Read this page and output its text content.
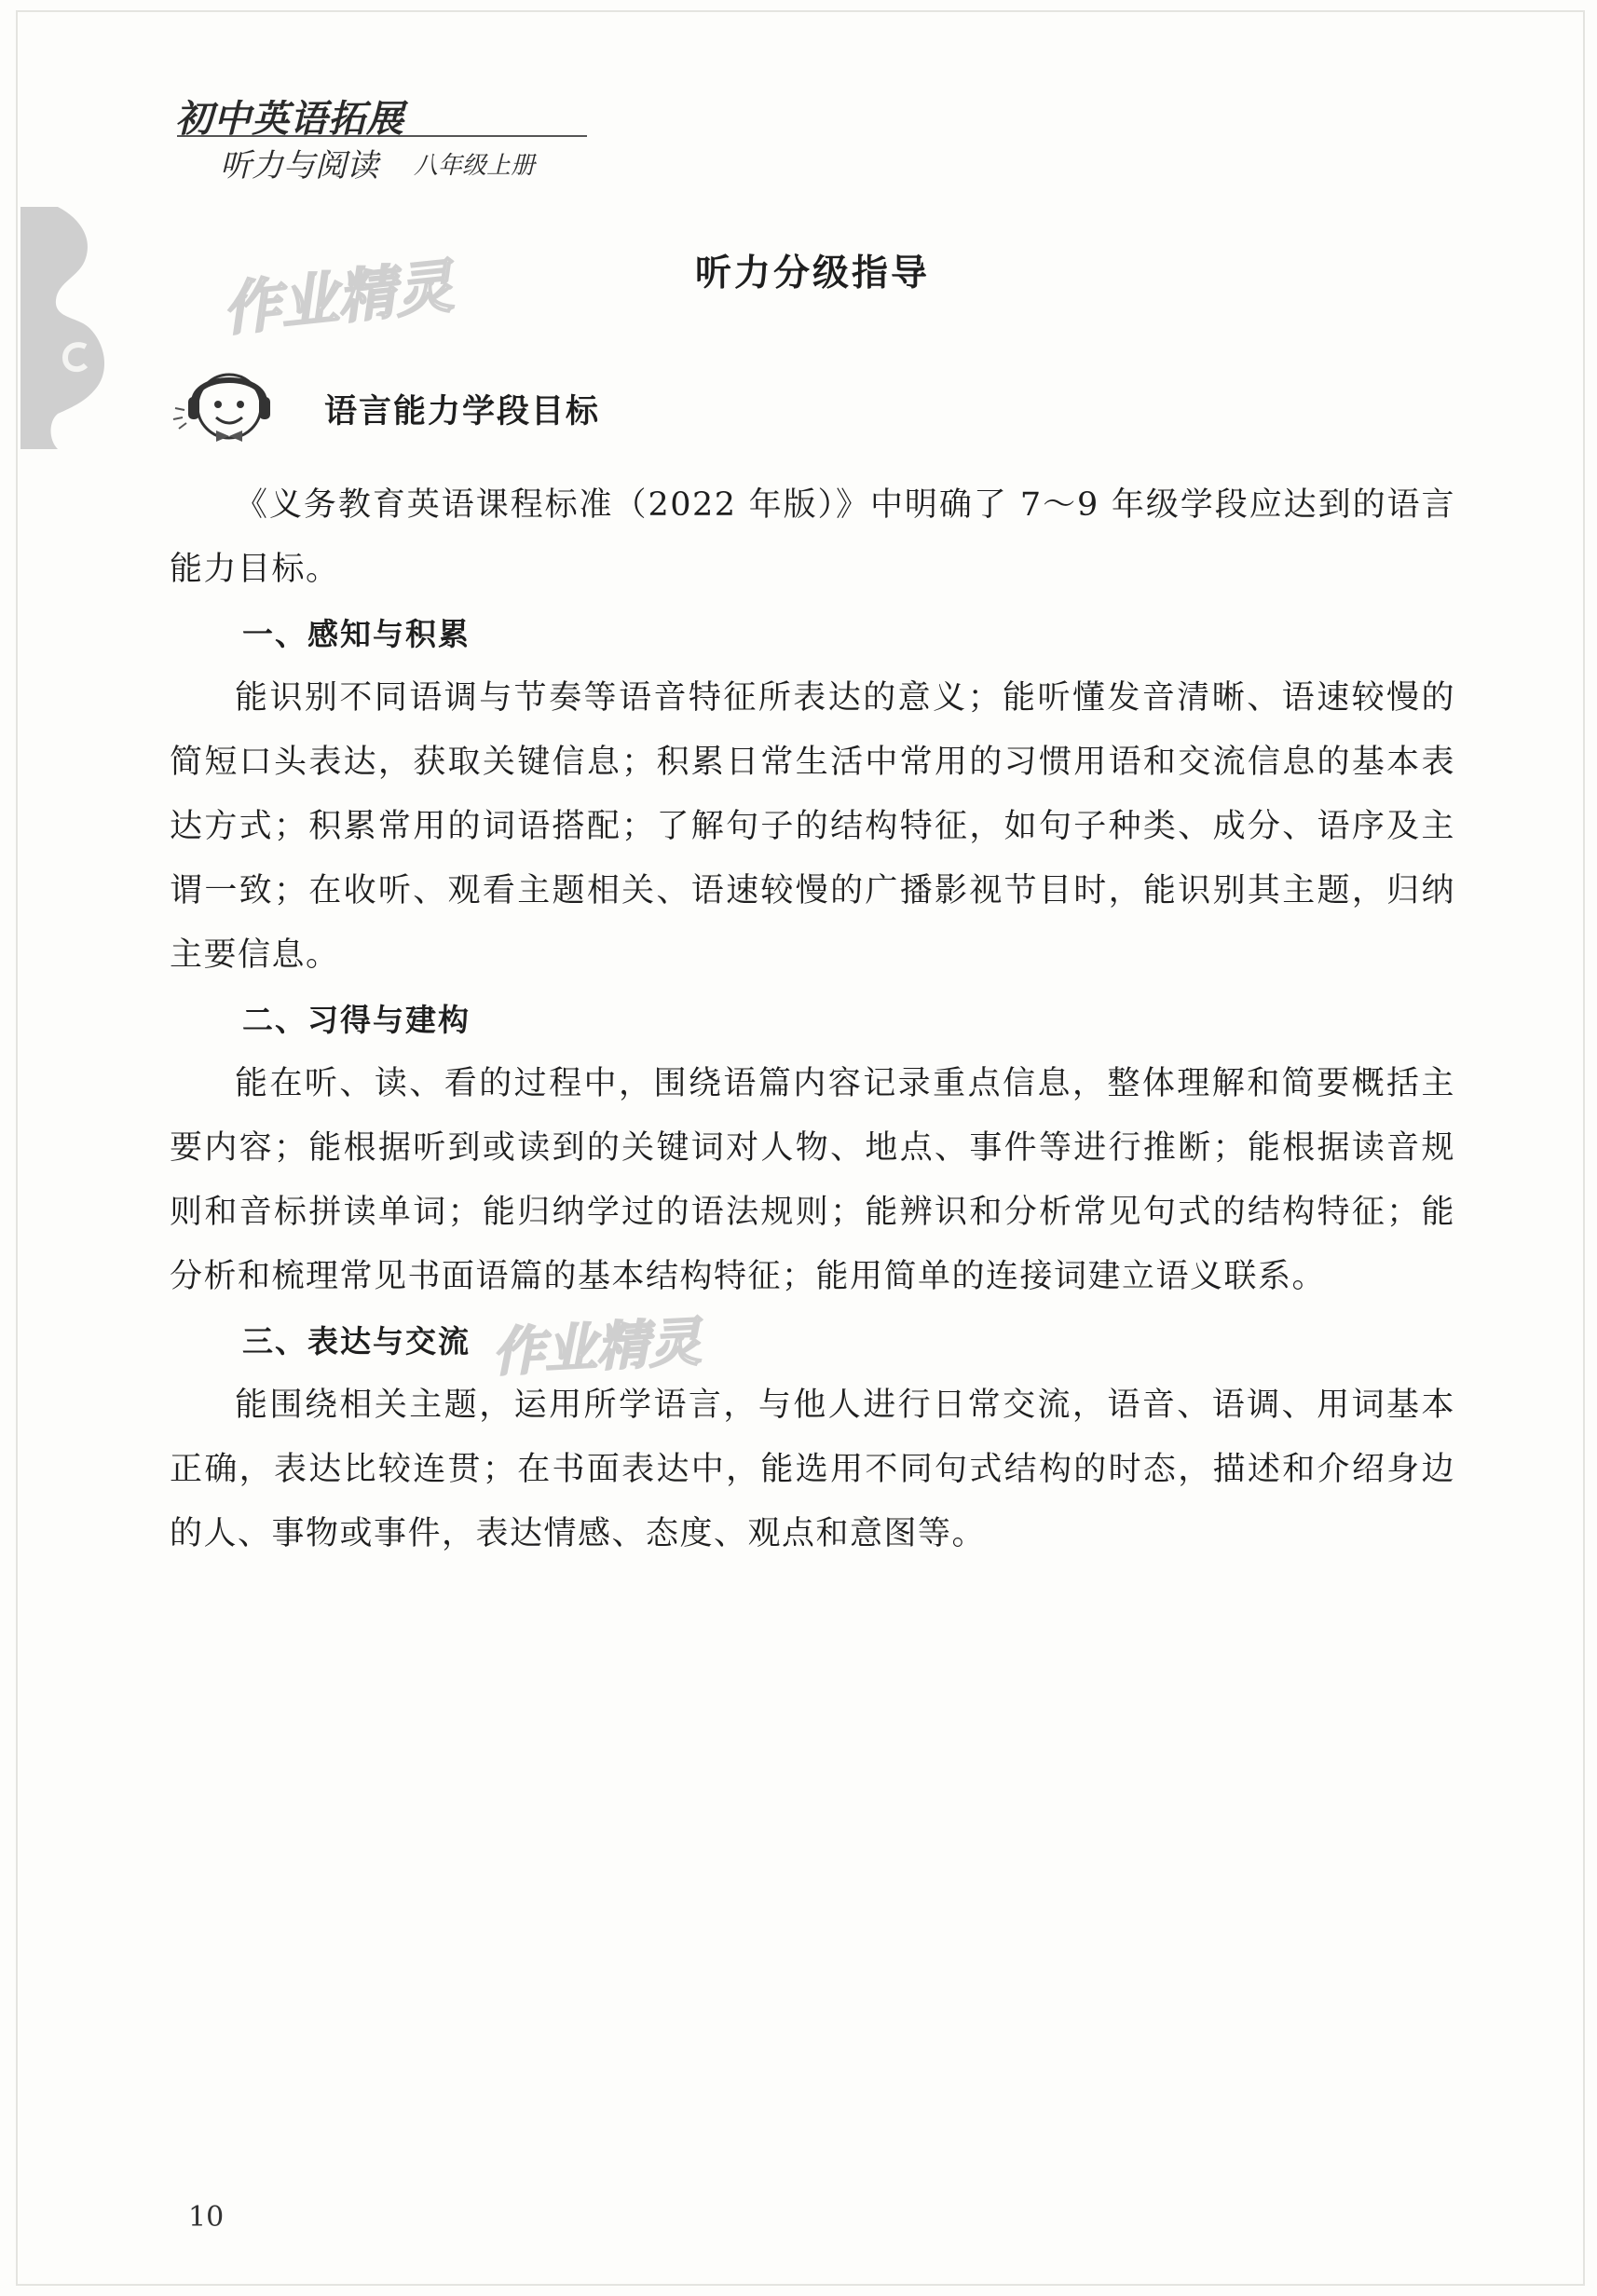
初中英语拓展
听力与阅读 八年级上册
作业精灵
作业精灵
听力分级指导
语言能力学段目标

《义务教育英语课程标准（2022 年版）》中明确了 7～9 年级学段应达到的语言能力目标。

一、感知与积累

能识别不同语调与节奏等语音特征所表达的意义；能听懂发音清晰、语速较慢的简短口头表达，获取关键信息；积累日常生活中常用的习惯用语和交流信息的基本表达方式；积累常用的词语搭配；了解句子的结构特征，如句子种类、成分、语序及主谓一致；在收听、观看主题相关、语速较慢的广播影视节目时，能识别其主题，归纳主要信息。

二、习得与建构

能在听、读、看的过程中，围绕语篇内容记录重点信息，整体理解和简要概括主要内容；能根据听到或读到的关键词对人物、地点、事件等进行推断；能根据读音规则和音标拼读单词；能归纳学过的语法规则；能辨识和分析常见句式的结构特征；能分析和梳理常见书面语篇的基本结构特征；能用简单的连接词建立语义联系。

三、表达与交流

能围绕相关主题，运用所学语言，与他人进行日常交流，语音、语调、用词基本正确，表达比较连贯；在书面表达中，能选用不同句式结构的时态，描述和介绍身边的人、事物或事件，表达情感、态度、观点和意图等。

10
